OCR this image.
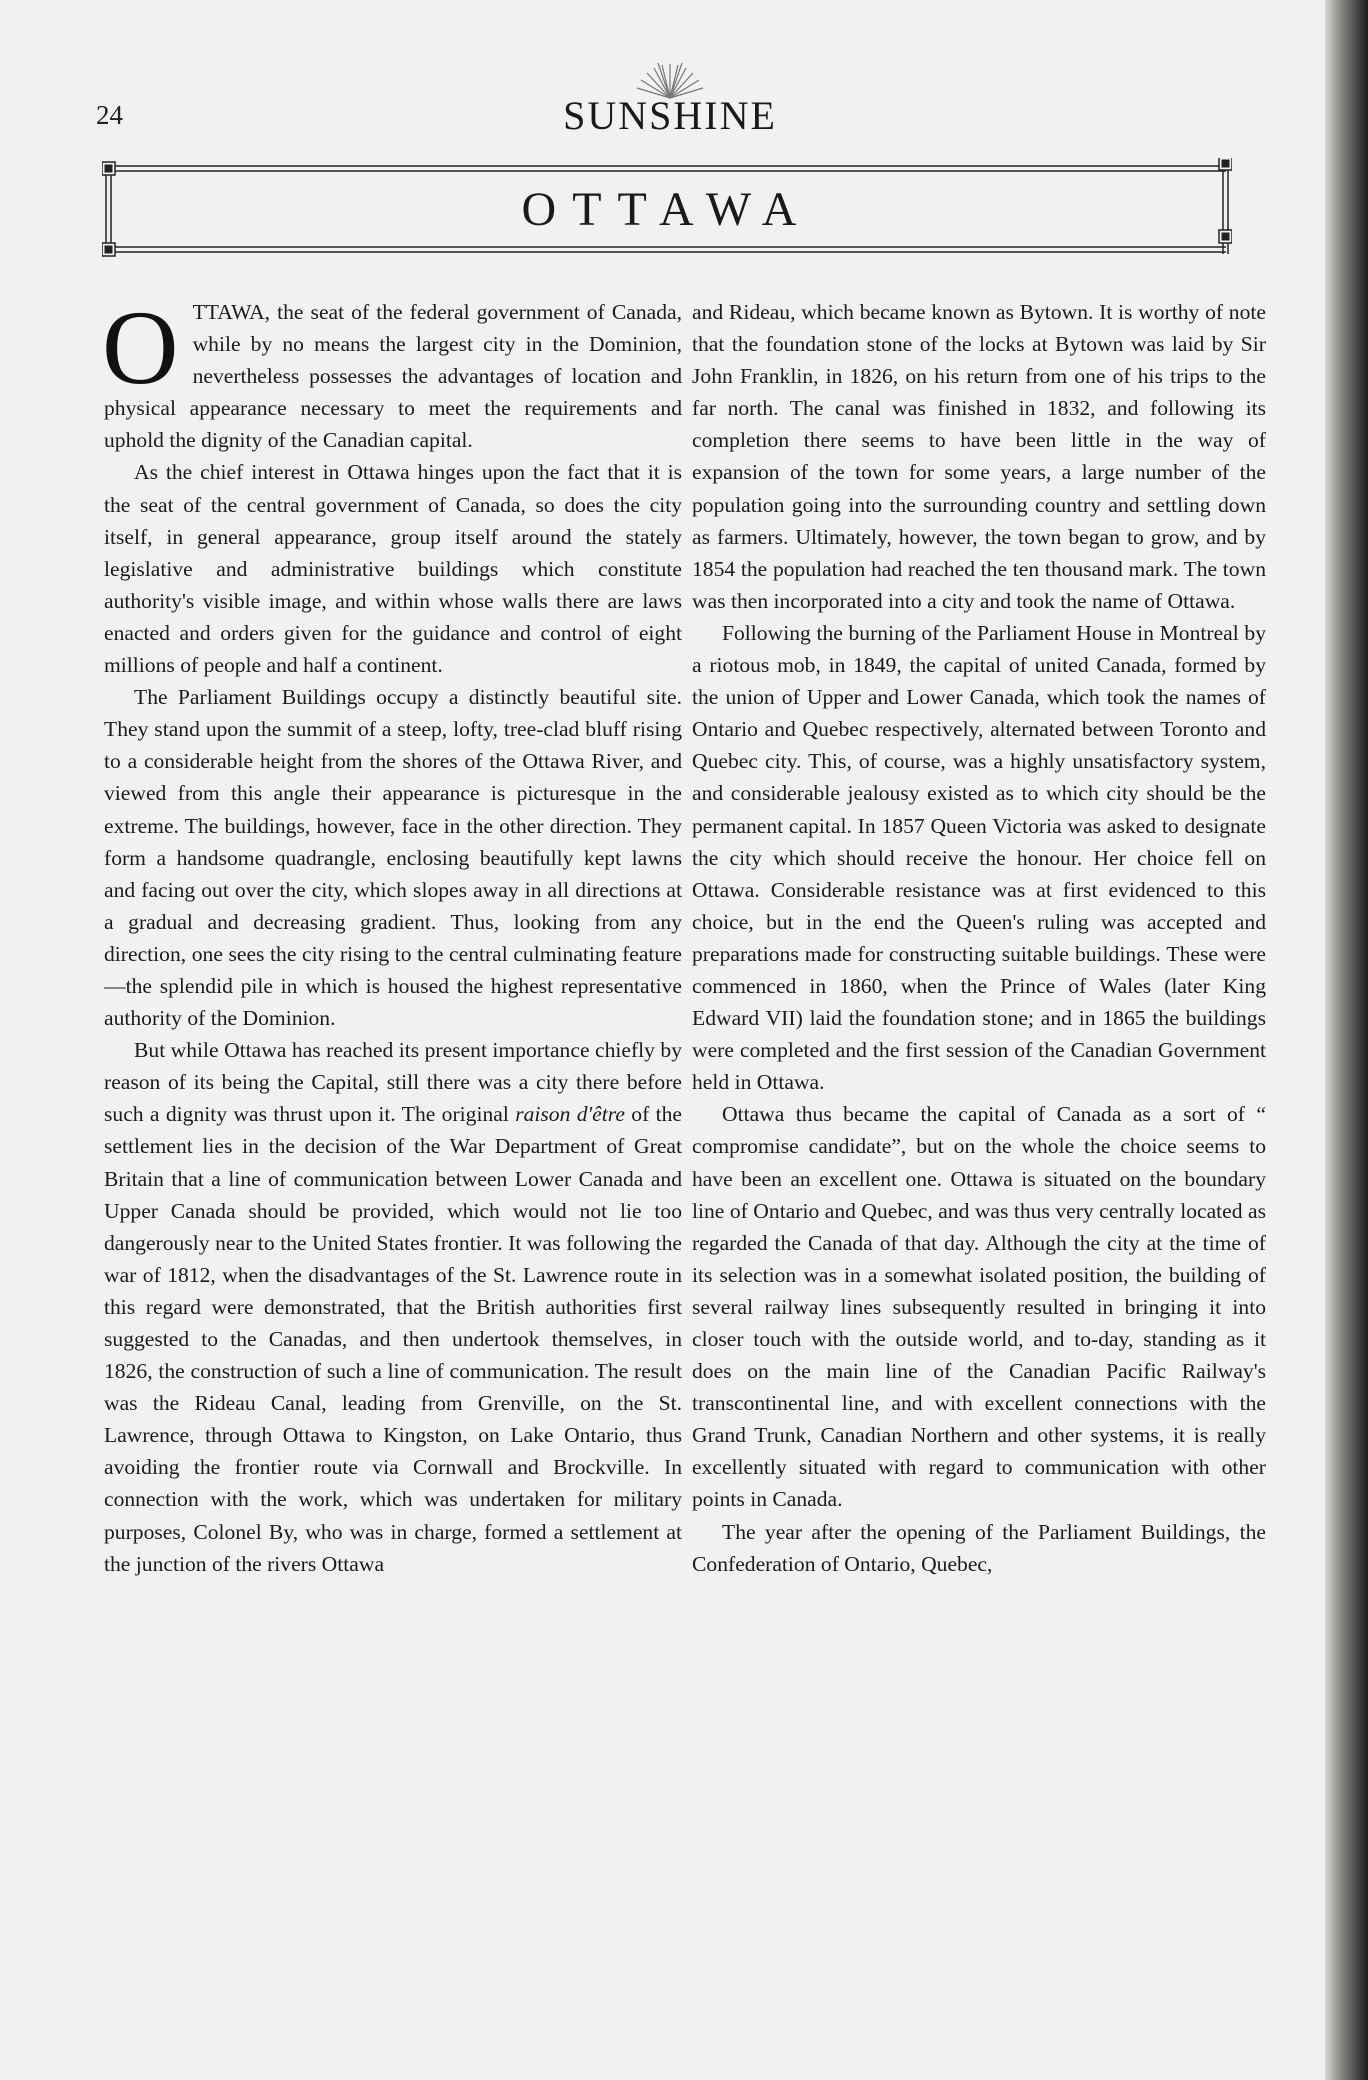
24	SUNSHINE
OTTAWA

OTTAWA, the seat of the federal government of Canada, while by no means the largest city in the Dominion, nevertheless possesses the advantages of location and physical appearance necessary to meet the requirements and uphold the dignity of the Canadian capital.

As the chief interest in Ottawa hinges upon the fact that it is the seat of the central government of Canada, so does the city itself, in general appearance, group itself around the stately legislative and administrative buildings which constitute authority's visible image, and within whose walls there are laws enacted and orders given for the guidance and control of eight millions of people and half a continent.

The Parliament Buildings occupy a distinctly beautiful site. They stand upon the summit of a steep, lofty, tree-clad bluff rising to a considerable height from the shores of the Ottawa River, and viewed from this angle their appearance is picturesque in the extreme. The buildings, however, face in the other direction. They form a handsome quadrangle, enclosing beautifully kept lawns and facing out over the city, which slopes away in all directions at a gradual and decreasing gradient. Thus, looking from any direction, one sees the city rising to the central culminating feature—the splendid pile in which is housed the highest representative authority of the Dominion.

But while Ottawa has reached its present importance chiefly by reason of its being the Capital, still there was a city there before such a dignity was thrust upon it. The original raison d'être of the settlement lies in the decision of the War Department of Great Britain that a line of communication between Lower Canada and Upper Canada should be provided, which would not lie too dangerously near to the United States frontier. It was following the war of 1812, when the disadvantages of the St. Lawrence route in this regard were demonstrated, that the British authorities first suggested to the Canadas, and then undertook themselves, in 1826, the construction of such a line of communication. The result was the Rideau Canal, leading from Grenville, on the St. Lawrence, through Ottawa to Kingston, on Lake Ontario, thus avoiding the frontier route via Cornwall and Brockville. In connection with the work, which was undertaken for military purposes, Colonel By, who was in charge, formed a settlement at the junction of the rivers Ottawa

and Rideau, which became known as Bytown. It is worthy of note that the foundation stone of the locks at Bytown was laid by Sir John Franklin, in 1826, on his return from one of his trips to the far north. The canal was finished in 1832, and following its completion there seems to have been little in the way of expansion of the town for some years, a large number of the population going into the surrounding country and settling down as farmers. Ultimately, however, the town began to grow, and by 1854 the population had reached the ten thousand mark. The town was then incorporated into a city and took the name of Ottawa.

Following the burning of the Parliament House in Montreal by a riotous mob, in 1849, the capital of united Canada, formed by the union of Upper and Lower Canada, which took the names of Ontario and Quebec respectively, alternated between Toronto and Quebec city. This, of course, was a highly unsatisfactory system, and considerable jealousy existed as to which city should be the permanent capital. In 1857 Queen Victoria was asked to designate the city which should receive the honour. Her choice fell on Ottawa. Considerable resistance was at first evidenced to this choice, but in the end the Queen's ruling was accepted and preparations made for constructing suitable buildings. These were commenced in 1860, when the Prince of Wales (later King Edward VII) laid the foundation stone; and in 1865 the buildings were completed and the first session of the Canadian Government held in Ottawa.

Ottawa thus became the capital of Canada as a sort of “ compromise candidate”, but on the whole the choice seems to have been an excellent one. Ottawa is situated on the boundary line of Ontario and Quebec, and was thus very centrally located as regarded the Canada of that day. Although the city at the time of its selection was in a somewhat isolated position, the building of several railway lines subsequently resulted in bringing it into closer touch with the outside world, and to-day, standing as it does on the main line of the Canadian Pacific Railway's transcontinental line, and with excellent connections with the Grand Trunk, Canadian Northern and other systems, it is really excellently situated with regard to communication with other points in Canada.

The year after the opening of the Parliament Buildings, the Confederation of Ontario, Quebec,
